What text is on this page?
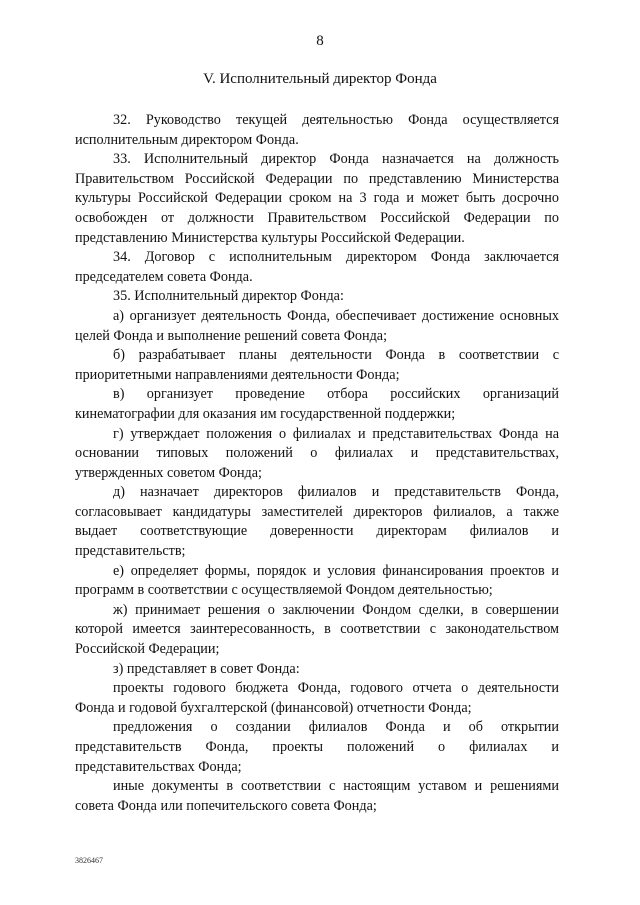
8
V. Исполнительный директор Фонда

32. Руководство текущей деятельностью Фонда осуществляется исполнительным директором Фонда.

33. Исполнительный директор Фонда назначается на должность Правительством Российской Федерации по представлению Министерства культуры Российской Федерации сроком на 3 года и может быть досрочно освобожден от должности Правительством Российской Федерации по представлению Министерства культуры Российской Федерации.

34. Договор с исполнительным директором Фонда заключается председателем совета Фонда.

35. Исполнительный директор Фонда:

а) организует деятельность Фонда, обеспечивает достижение основных целей Фонда и выполнение решений совета Фонда;

б) разрабатывает планы деятельности Фонда в соответствии с приоритетными направлениями деятельности Фонда;

в) организует проведение отбора российских организаций кинематографии для оказания им государственной поддержки;

г) утверждает положения о филиалах и представительствах Фонда на основании типовых положений о филиалах и представительствах, утвержденных советом Фонда;

д) назначает директоров филиалов и представительств Фонда, согласовывает кандидатуры заместителей директоров филиалов, а также выдает соответствующие доверенности директорам филиалов и представительств;

е) определяет формы, порядок и условия финансирования проектов и программ в соответствии с осуществляемой Фондом деятельностью;

ж) принимает решения о заключении Фондом сделки, в совершении которой имеется заинтересованность, в соответствии с законодательством Российской Федерации;

з) представляет в совет Фонда:

проекты годового бюджета Фонда, годового отчета о деятельности Фонда и годовой бухгалтерской (финансовой) отчетности Фонда;

предложения о создании филиалов Фонда и об открытии представительств Фонда, проекты положений о филиалах и представительствах Фонда;

иные документы в соответствии с настоящим уставом и решениями совета Фонда или попечительского совета Фонда;

3826467
